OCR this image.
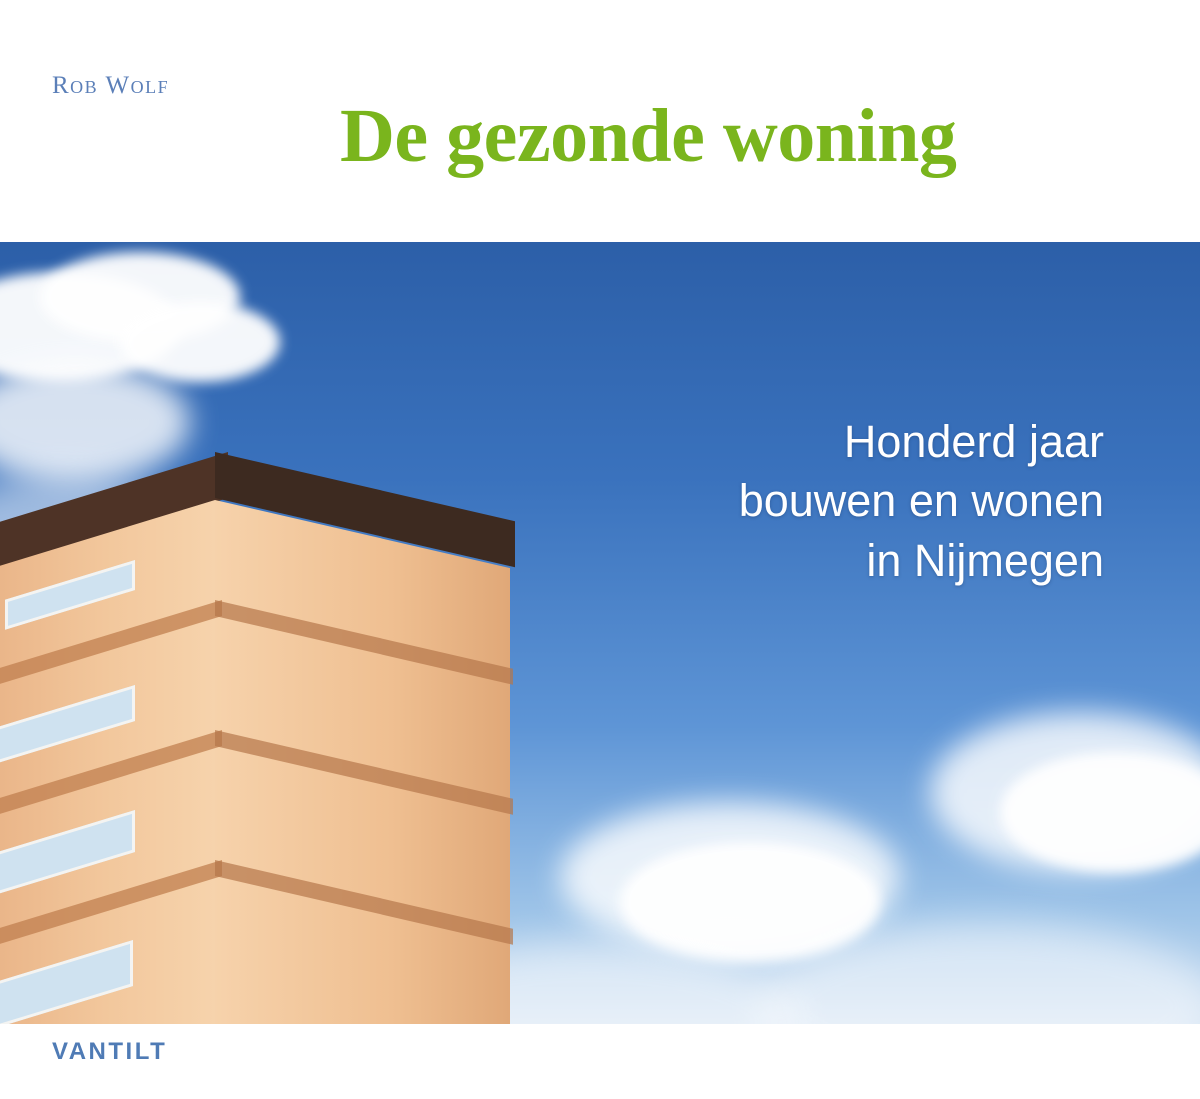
Rob Wolf
De gezonde woning
Honderd jaar
bouwen en wonen
in Nijmegen
VANTILT
